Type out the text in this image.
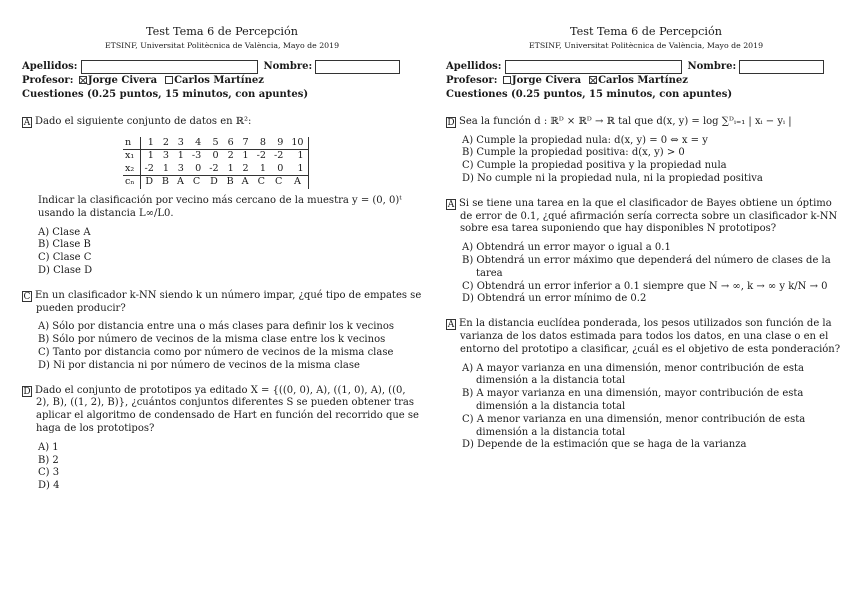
Test Tema 6 de Percepción
ETSINF, Universitat Politècnica de València, Mayo de 2019
Apellidos:	Nombre:
Profesor: Jorge Civera Carlos Martínez
Cuestiones (0.25 puntos, 15 minutos, con apuntes)
A Dado el siguiente conjunto de datos en ℝ²:
n	1	2	3	4	5	6	7	8	9	10
x₁	1	3	1	-3	0	2	1	-2	-2	1
x₂	-2	1	3	0	-2	1	2	1	0	1
cₙ	D	B	A	C	D	B	A	C	C	A
Indicar la clasificación por vecino más cercano de la muestra y = (0, 0)ᵗ usando la distancia L∞/L0.
A) Clase A
B) Clase B
C) Clase C
D) Clase D
C En un clasificador k-NN siendo k un número impar, ¿qué tipo de empates se pueden producir?
A) Sólo por distancia entre una o más clases para definir los k vecinos
B) Sólo por número de vecinos de la misma clase entre los k vecinos
C) Tanto por distancia como por número de vecinos de la misma clase
D) Ni por distancia ni por número de vecinos de la misma clase
D Dado el conjunto de prototipos ya editado X = {((0, 0), A), ((1, 0), A), ((0, 2), B), ((1, 2), B)}, ¿cuántos conjuntos diferentes S se pueden obtener tras aplicar el algoritmo de condensado de Hart en función del recorrido que se haga de los prototipos?
A) 1
B) 2
C) 3
D) 4
Test Tema 6 de Percepción
ETSINF, Universitat Politècnica de València, Mayo de 2019
Apellidos:	Nombre:
Profesor: Jorge Civera Carlos Martínez
Cuestiones (0.25 puntos, 15 minutos, con apuntes)
D Sea la función d : ℝᴰ × ℝᴰ → ℝ tal que d(x, y) = log ∑ᴰᵢ₌₁ | xᵢ − yᵢ |
A) Cumple la propiedad nula: d(x, y) = 0 ⇔ x = y
B) Cumple la propiedad positiva: d(x, y) > 0
C) Cumple la propiedad positiva y la propiedad nula
D) No cumple ni la propiedad nula, ni la propiedad positiva
A Si se tiene una tarea en la que el clasificador de Bayes obtiene un óptimo de error de 0.1, ¿qué afirmación sería correcta sobre un clasificador k-NN sobre esa tarea suponiendo que hay disponibles N prototipos?
A) Obtendrá un error mayor o igual a 0.1
B) Obtendrá un error máximo que dependerá del número de clases de la tarea
C) Obtendrá un error inferior a 0.1 siempre que N → ∞, k → ∞ y k/N → 0
D) Obtendrá un error mínimo de 0.2
A En la distancia euclídea ponderada, los pesos utilizados son función de la varianza de los datos estimada para todos los datos, en una clase o en el entorno del prototipo a clasificar, ¿cuál es el objetivo de esta ponderación?
A) A mayor varianza en una dimensión, menor contribución de esta dimensión a la distancia total
B) A mayor varianza en una dimensión, mayor contribución de esta dimensión a la distancia total
C) A menor varianza en una dimensión, menor contribución de esta dimensión a la distancia total
D) Depende de la estimación que se haga de la varianza
